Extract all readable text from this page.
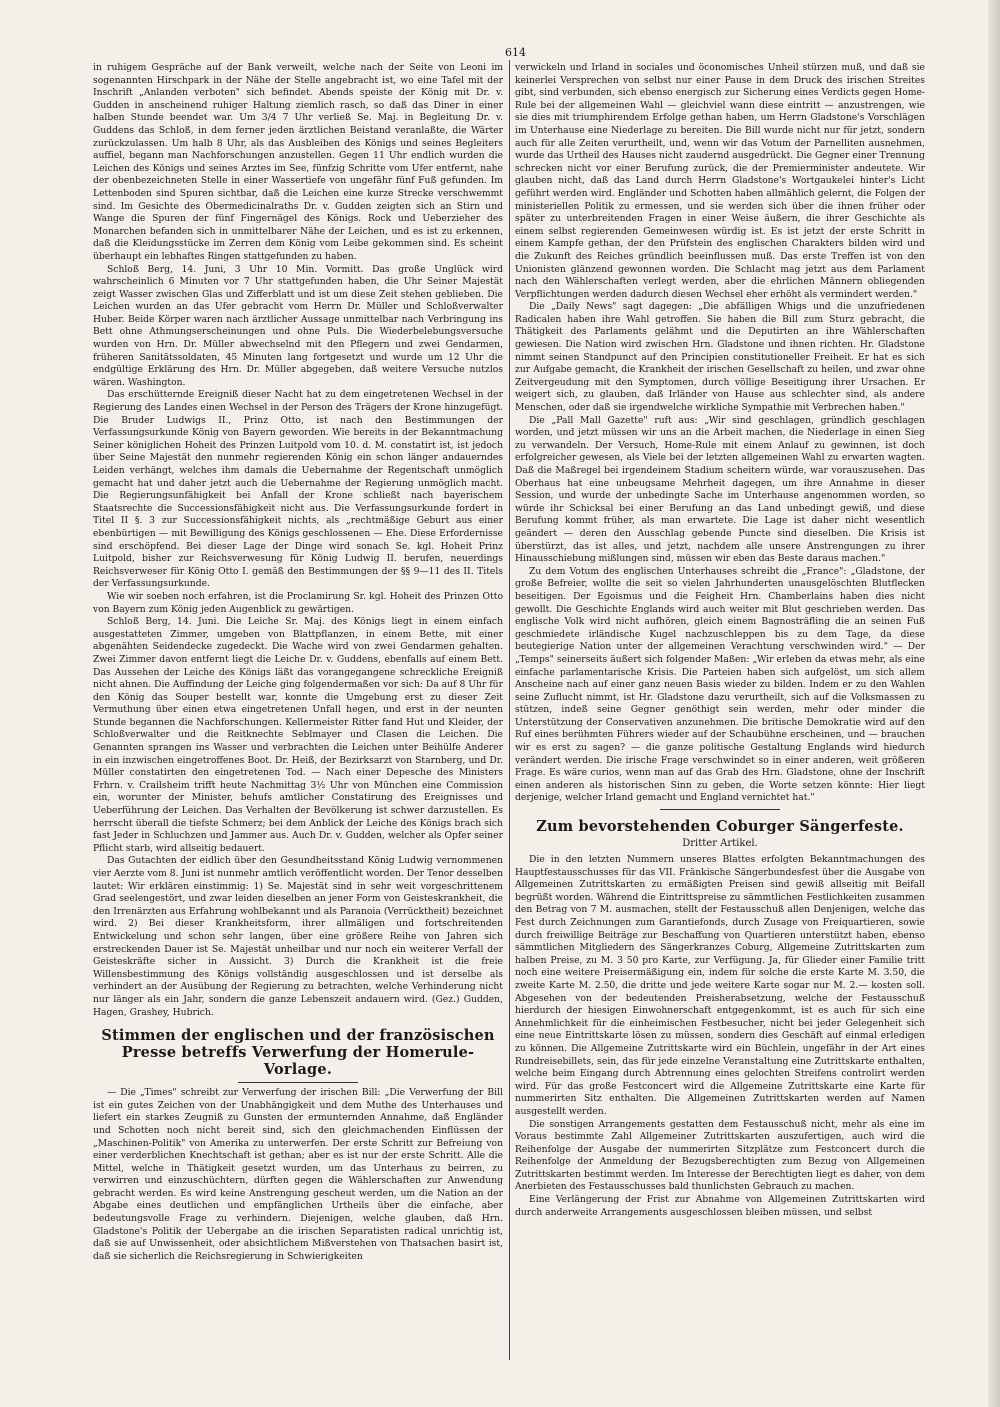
614

in ruhigem Gespräche auf der Bank verweilt, welche nach der Seite von Leoni im sogenannten Hirschpark in der Nähe der Stelle angebracht ist, wo eine Tafel mit der Inschrift „Anlanden verboten" sich befindet. Abends speiste der König mit Dr. v. Gudden in anscheinend ruhiger Haltung ziemlich rasch, so daß das Diner in einer halben Stunde beendet war. Um 3/4 7 Uhr verließ Se. Maj. in Begleitung Dr. v. Guddens das Schloß, in dem ferner jeden ärztlichen Beistand veranlaßte, die Wärter zurückzulassen. Um halb 8 Uhr, als das Ausbleiben des Königs und seines Begleiters auffiel, begann man Nachforschungen anzustellen. Gegen 11 Uhr endlich wurden die Leichen des Königs und seines Arztes im See, fünfzig Schritte vom Ufer entfernt, nahe der obenbezeichneten Stelle in einer Wassertiefe von ungefähr fünf Fuß gefunden. Im Lettenboden sind Spuren sichtbar, daß die Leichen eine kurze Strecke verschwemmt sind. Im Gesichte des Obermedicinalraths Dr. v. Gudden zeigten sich an Stirn und Wange die Spuren der fünf Fingernägel des Königs. Rock und Ueberzieher des Monarchen befanden sich in unmittelbarer Nähe der Leichen, und es ist zu erkennen, daß die Kleidungsstücke im Zerren dem König vom Leibe gekommen sind. Es scheint überhaupt ein lebhaftes Ringen stattgefunden zu haben.

Schloß Berg, 14. Juni, 3 Uhr 10 Min. Vormitt. Das große Unglück wird wahrscheinlich 6 Minuten vor 7 Uhr stattgefunden haben, die Uhr Seiner Majestät zeigt Wasser zwischen Glas und Zifferblatt und ist um diese Zeit stehen geblieben. Die Leichen wurden an das Ufer gebracht vom Herrn Dr. Müller und Schloßverwalter Huber. Beide Körper waren nach ärztlicher Aussage unmittelbar nach Verbringung ins Bett ohne Athmungserscheinungen und ohne Puls. Die Wiederbelebungsversuche wurden von Hrn. Dr. Müller abwechselnd mit den Pflegern und zwei Gendarmen, früheren Sanitätssoldaten, 45 Minuten lang fortgesetzt und wurde um 12 Uhr die endgültige Erklärung des Hrn. Dr. Müller abgegeben, daß weitere Versuche nutzlos wären. Washington.

Das erschütternde Ereigniß dieser Nacht hat zu dem eingetretenen Wechsel in der Regierung des Landes einen Wechsel in der Person des Trägers der Krone hinzugefügt. Die Bruder Ludwigs II., Prinz Otto, ist nach den Bestimmungen der Verfassungsurkunde König von Bayern geworden. Wie bereits in der Bekanntmachung Seiner königlichen Hoheit des Prinzen Luitpold vom 10. d. M. constatirt ist, ist jedoch über Seine Majestät den nunmehr regierenden König ein schon länger andauerndes Leiden verhängt, welches ihm damals die Uebernahme der Regentschaft unmöglich gemacht hat und daher jetzt auch die Uebernahme der Regierung unmöglich macht. Die Regierungsunfähigkeit bei Anfall der Krone schließt nach bayerischem Staatsrechte die Successionsfähigkeit nicht aus. Die Verfassungsurkunde fordert in Titel II §. 3 zur Successionsfähigkeit nichts, als „rechtmäßige Geburt aus einer ebenbürtigen — mit Bewilligung des Königs geschlossenen — Ehe. Diese Erfordernisse sind erschöpfend. Bei dieser Lage der Dinge wird sonach Se. kgl. Hoheit Prinz Luitpold, bisher zur Reichsverwesung für König Ludwig II. berufen, neuerdings Reichsverweser für König Otto I. gemäß den Bestimmungen der §§ 9—11 des II. Titels der Verfassungsurkunde.

Wie wir soeben noch erfahren, ist die Proclamirung Sr. kgl. Hoheit des Prinzen Otto von Bayern zum König jeden Augenblick zu gewärtigen.

Schloß Berg, 14. Juni. Die Leiche Sr. Maj. des Königs liegt in einem einfach ausgestatteten Zimmer, umgeben von Blattpflanzen, in einem Bette, mit einer abgenähten Seidendecke zugedeckt. Die Wache wird von zwei Gendarmen gehalten. Zwei Zimmer davon entfernt liegt die Leiche Dr. v. Guddens, ebenfalls auf einem Bett. Das Aussehen der Leiche des Königs läßt das vorangegangene schreckliche Ereigniß nicht ahnen. Die Auffindung der Leiche ging folgendermaßen vor sich: Da auf 8 Uhr für den König das Souper bestellt war, konnte die Umgebung erst zu dieser Zeit Vermuthung über einen etwa eingetretenen Unfall hegen, und erst in der neunten Stunde begannen die Nachforschungen. Kellermeister Ritter fand Hut und Kleider, der Schloßverwalter und die Reitknechte Seblmayer und Clasen die Leichen. Die Genannten sprangen ins Wasser und verbrachten die Leichen unter Beihülfe Anderer in ein inzwischen eingetroffenes Boot. Dr. Heiß, der Bezirksarzt von Starnberg, und Dr. Müller constatirten den eingetretenen Tod. — Nach einer Depesche des Ministers Frhrn. v. Crailsheim trifft heute Nachmittag 3½ Uhr von München eine Commission ein, worunter der Minister, behufs amtlicher Constatirung des Ereignisses und Ueberführung der Leichen. Das Verhalten der Bevölkerung ist schwer darzustellen. Es herrscht überall die tiefste Schmerz; bei dem Anblick der Leiche des Königs brach sich fast Jeder in Schluchzen und Jammer aus. Auch Dr. v. Gudden, welcher als Opfer seiner Pflicht starb, wird allseitig bedauert.

Das Gutachten der eidlich über den Gesundheitsstand König Ludwig vernommenen vier Aerzte vom 8. Juni ist nunmehr amtlich veröffentlicht worden. Der Tenor desselben lautet: Wir erklären einstimmig: 1) Se. Majestät sind in sehr weit vorgeschrittenem Grad seelengestört, und zwar leiden dieselben an jener Form von Geisteskrankheit, die den Irrenärzten aus Erfahrung wohlbekannt und als Paranoia (Verrücktheit) bezeichnet wird. 2) Bei dieser Krankheitsform, ihrer allmäligen und fortschreitenden Entwickelung und schon sehr langen, über eine größere Reihe von Jahren sich erstreckenden Dauer ist Se. Majestät unheilbar und nur noch ein weiterer Verfall der Geisteskräfte sicher in Aussicht. 3) Durch die Krankheit ist die freie Willensbestimmung des Königs vollständig ausgeschlossen und ist derselbe als verhindert an der Ausübung der Regierung zu betrachten, welche Verhinderung nicht nur länger als ein Jahr, sondern die ganze Lebenszeit andauern wird. (Gez.) Gudden, Hagen, Grashey, Hubrich.

Stimmen der englischen und der französischen Presse betreffs Verwerfung der Homerule-Vorlage.

— Die „Times" schreibt zur Verwerfung der irischen Bill: „Die Verwerfung der Bill ist ein gutes Zeichen von der Unabhängigkeit und dem Muthe des Unterhauses und liefert ein starkes Zeugniß zu Gunsten der ermunternden Annahme, daß Engländer und Schotten noch nicht bereit sind, sich den gleichmachenden Einflüssen der „Maschinen-Politik" von Amerika zu unterwerfen. Der erste Schritt zur Befreiung von einer verderblichen Knechtschaft ist gethan; aber es ist nur der erste Schritt. Alle die Mittel, welche in Thätigkeit gesetzt wurden, um das Unterhaus zu beirren, zu verwirren und einzuschüchtern, dürften gegen die Wählerschaften zur Anwendung gebracht werden. Es wird keine Anstrengung gescheut werden, um die Nation an der Abgabe eines deutlichen und empfänglichen Urtheils über die einfache, aber bedeutungsvolle Frage zu verhindern. Diejenigen, welche glauben, daß Hrn. Gladstone's Politik der Uebergabe an die irischen Separatisten radical unrichtig ist, daß sie auf Unwissenheit, oder absichtlichem Mißverstehen von Thatsachen basirt ist, daß sie sicherlich die Reichsregierung in Schwierigkeiten

verwickeln und Irland in sociales und öconomisches Unheil stürzen muß, und daß sie keinerlei Versprechen von selbst nur einer Pause in dem Druck des irischen Streites gibt, sind verbunden, sich ebenso energisch zur Sicherung eines Verdicts gegen Home-Rule bei der allgemeinen Wahl — gleichviel wann diese eintritt — anzustrengen, wie sie dies mit triumphirendem Erfolge gethan haben, um Herrn Gladstone's Vorschlägen im Unterhause eine Niederlage zu bereiten. Die Bill wurde nicht nur für jetzt, sondern auch für alle Zeiten verurtheilt, und, wenn wir das Votum der Parnelliten ausnehmen, wurde das Urtheil des Hauses nicht zaudernd ausgedrückt. Die Gegner einer Trennung schrecken nicht vor einer Berufung zurück, die der Premierminister andeutete. Wir glauben nicht, daß das Land durch Herrn Gladstone's Wortgaukelei hinter's Licht geführt werden wird. Engländer und Schotten haben allmählich gelernt, die Folgen der ministeriellen Politik zu ermessen, und sie werden sich über die ihnen früher oder später zu unterbreitenden Fragen in einer Weise äußern, die ihrer Geschichte als einem selbst regierenden Gemeinwesen würdig ist. Es ist jetzt der erste Schritt in einem Kampfe gethan, der den Prüfstein des englischen Charakters bilden wird und die Zukunft des Reiches gründlich beeinflussen muß. Das erste Treffen ist von den Unionisten glänzend gewonnen worden. Die Schlacht mag jetzt aus dem Parlament nach den Wählerschaften verlegt werden, aber die ehrlichen Männern obliegenden Verpflichtungen werden dadurch diesen Wechsel eher erhöht als vermindert werden."

Die „Daily News" sagt dagegen: „Die abfälligen Whigs und die unzufriedenen Radicalen haben ihre Wahl getroffen. Sie haben die Bill zum Sturz gebracht, die Thätigkeit des Parlaments gelähmt und die Deputirten an ihre Wählerschaften gewiesen. Die Nation wird zwischen Hrn. Gladstone und ihnen richten. Hr. Gladstone nimmt seinen Standpunct auf den Principien constitutioneller Freiheit. Er hat es sich zur Aufgabe gemacht, die Krankheit der irischen Gesellschaft zu heilen, und zwar ohne Zeitvergeudung mit den Symptomen, durch völlige Beseitigung ihrer Ursachen. Er weigert sich, zu glauben, daß Irländer von Hause aus schlechter sind, als andere Menschen, oder daß sie irgendwelche wirkliche Sympathie mit Verbrechen haben."

Die „Pall Mall Gazette" ruft aus: „Wir sind geschlagen, gründlich geschlagen worden, und jetzt müssen wir uns an die Arbeit machen, die Niederlage in einen Sieg zu verwandeln. Der Versuch, Home-Rule mit einem Anlauf zu gewinnen, ist doch erfolgreicher gewesen, als Viele bei der letzten allgemeinen Wahl zu erwarten wagten. Daß die Maßregel bei irgendeinem Stadium scheitern würde, war vorauszusehen. Das Oberhaus hat eine unbeugsame Mehrheit dagegen, um ihre Annahme in dieser Session, und wurde der unbedingte Sache im Unterhause angenommen worden, so würde ihr Schicksal bei einer Berufung an das Land unbedingt gewiß, und diese Berufung kommt früher, als man erwartete. Die Lage ist daher nicht wesentlich geändert — deren den Ausschlag gebende Puncte sind dieselben. Die Krisis ist überstürzt, das ist alles, und jetzt, nachdem alle unsere Anstrengungen zu ihrer Hinausschiebung mißlungen sind, müssen wir eben das Beste daraus machen."

Zu dem Votum des englischen Unterhauses schreibt die „France": „Gladstone, der große Befreier, wollte die seit so vielen Jahrhunderten unausgelöschten Blutflecken beseitigen. Der Egoismus und die Feigheit Hrn. Chamberlains haben dies nicht gewollt. Die Geschichte Englands wird auch weiter mit Blut geschrieben werden. Das englische Volk wird nicht aufhören, gleich einem Bagnosträfling die an seinen Fuß geschmiedete irländische Kugel nachzuschleppen bis zu dem Tage, da diese beutegierige Nation unter der allgemeinen Verachtung verschwinden wird." — Der „Temps" seinerseits äußert sich folgender Maßen: „Wir erleben da etwas mehr, als eine einfache parlamentarische Krisis. Die Parteien haben sich aufgelöst, um sich allem Anscheine nach auf einer ganz neuen Basis wieder zu bilden. Indem er zu den Wahlen seine Zuflucht nimmt, ist Hr. Gladstone dazu verurtheilt, sich auf die Volksmassen zu stützen, indeß seine Gegner genöthigt sein werden, mehr oder minder die Unterstützung der Conservativen anzunehmen. Die britische Demokratie wird auf den Ruf eines berühmten Führers wieder auf der Schaubühne erscheinen, und — brauchen wir es erst zu sagen? — die ganze politische Gestaltung Englands wird hiedurch verändert werden. Die irische Frage verschwindet so in einer anderen, weit größeren Frage. Es wäre curios, wenn man auf das Grab des Hrn. Gladstone, ohne der Inschrift einen anderen als historischen Sinn zu geben, die Worte setzen könnte: Hier liegt derjenige, welcher Irland gemacht und England vernichtet hat."

Zum bevorstehenden Coburger Sängerfeste.
Dritter Artikel.

Die in den letzten Nummern unseres Blattes erfolgten Bekanntmachungen des Hauptfestausschusses für das VII. Fränkische Sängerbundesfest über die Ausgabe von Allgemeinen Zutrittskarten zu ermäßigten Preisen sind gewiß allseitig mit Beifall begrüßt worden. Während die Eintrittspreise zu sämmtlichen Festlichkeiten zusammen den Betrag von 7 M. ausmachen, stellt der Festausschuß allen Denjenigen, welche das Fest durch Zeichnungen zum Garantiefonds, durch Zusage von Freiquartieren, sowie durch freiwillige Beiträge zur Beschaffung von Quartieren unterstützt haben, ebenso sämmtlichen Mitgliedern des Sängerkranzes Coburg, Allgemeine Zutrittskarten zum halben Preise, zu M. 3 50 pro Karte, zur Verfügung. Ja, für Glieder einer Familie tritt noch eine weitere Preisermäßigung ein, indem für solche die erste Karte M. 3.50, die zweite Karte M. 2.50, die dritte und jede weitere Karte sogar nur M. 2.— kosten soll. Abgesehen von der bedeutenden Preisherabsetzung, welche der Festausschuß hierdurch der hiesigen Einwohnerschaft entgegenkommt, ist es auch für sich eine Annehmlichkeit für die einheimischen Festbesucher, nicht bei jeder Gelegenheit sich eine neue Eintrittskarte lösen zu müssen, sondern dies Geschäft auf einmal erledigen zu können. Die Allgemeine Zutrittskarte wird ein Büchlein, ungefähr in der Art eines Rundreisebillets, sein, das für jede einzelne Veranstaltung eine Zutrittskarte enthalten, welche beim Eingang durch Abtrennung eines gelochten Streifens controlirt werden wird. Für das große Festconcert wird die Allgemeine Zutrittskarte eine Karte für nummerirten Sitz enthalten. Die Allgemeinen Zutrittskarten werden auf Namen ausgestellt werden.

Die sonstigen Arrangements gestatten dem Festausschuß nicht, mehr als eine im Voraus bestimmte Zahl Allgemeiner Zutrittskarten auszufertigen, auch wird die Reihenfolge der Ausgabe der nummerirten Sitzplätze zum Festconcert durch die Reihenfolge der Anmeldung der Bezugsberechtigten zum Bezug von Allgemeinen Zutrittskarten bestimmt werden. Im Interesse der Berechtigten liegt es daher, von dem Anerbieten des Festausschusses bald thunlichsten Gebrauch zu machen.

Eine Verlängerung der Frist zur Abnahme von Allgemeinen Zutrittskarten wird durch anderweite Arrangements ausgeschlossen bleiben müssen, und selbst
